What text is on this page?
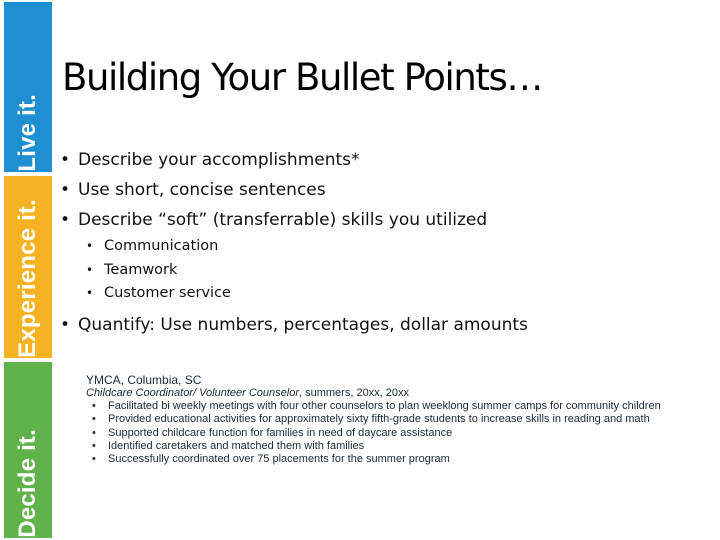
Live it.
Experience it.
Decide it.
Building Your Bullet Points…
• Describe your accomplishments*
• Use short, concise sentences
• Describe “soft” (transferrable) skills you utilized
• Communication
• Teamwork
• Customer service
• Quantify: Use numbers, percentages, dollar amounts
YMCA, Columbia, SC
Childcare Coordinator/ Volunteer Counselor, summers, 20xx, 20xx
• Facilitated bi weekly meetings with four other counselors to plan weeklong summer camps for community children
• Provided educational activities for approximately sixty fifth-grade students to increase skills in reading and math
• Supported childcare function for families in need of daycare assistance
• Identified caretakers and matched them with families
• Successfully coordinated over 75 placements for the summer program
